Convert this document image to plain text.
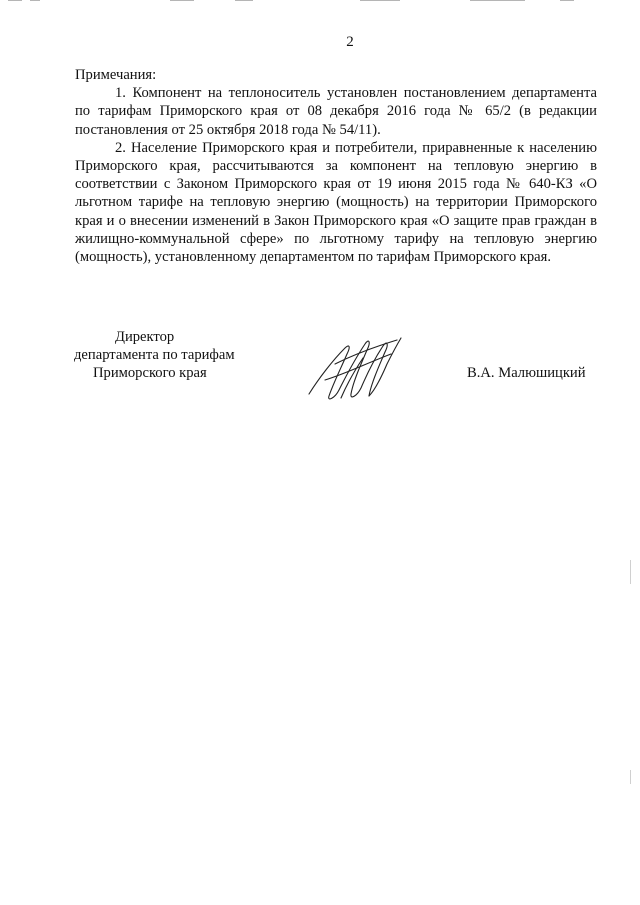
2

Примечания:

1. Компонент на теплоноситель установлен постановлением департамента по тарифам Приморского края от 08 декабря 2016 года № 65/2 (в редакции постановления от 25 октября 2018 года № 54/11).

2. Население Приморского края и потребители, приравненные к населению Приморского края, рассчитываются за компонент на тепловую энергию в соответствии с Законом Приморского края от 19 июня 2015 года № 640-КЗ «О льготном тарифе на тепловую энергию (мощность) на территории Приморского края и о внесении изменений в Закон Приморского края «О защите прав граждан в жилищно-коммунальной сфере» по льготному тарифу на тепловую энергию (мощность), установленному департаментом по тарифам Приморского края.

Директор
департамента по тарифам
Приморского края	В.А. Малюшицкий
